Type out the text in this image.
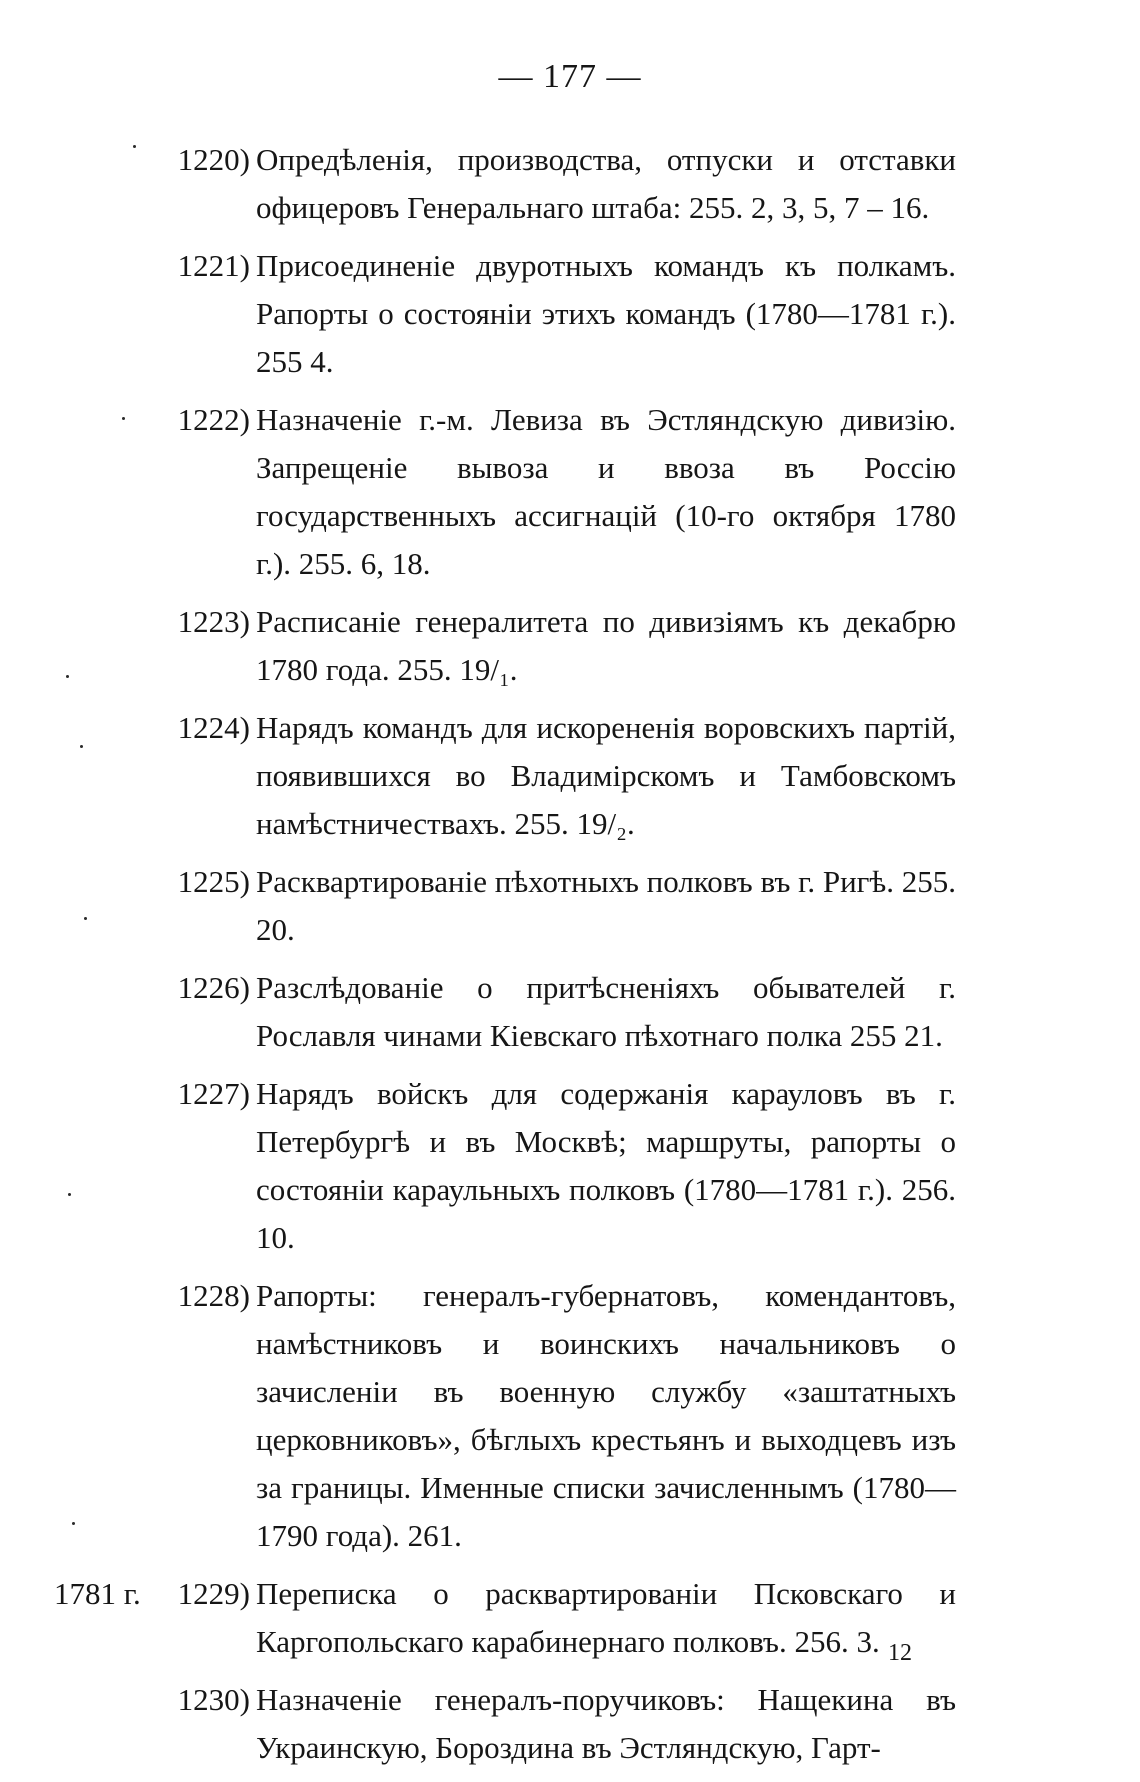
— 177 —
1220) Опредѣленія, производства, отпуски и отставки офицеровъ Генеральнаго штаба: 255. 2, 3, 5, 7 – 16.
1221) Присоединеніе двуротныхъ командъ къ полкамъ. Рапорты о состояніи этихъ командъ (1780—1781 г.). 255 4.
1222) Назначеніе г.-м. Левиза въ Эстляндскую дивизію. Запрещеніе вывоза и ввоза въ Россію государственныхъ ассигнацій (10-го октября 1780 г.). 255. 6, 18.
1223) Расписаніе генералитета по дивизіямъ къ декабрю 1780 года. 255. 19/₁.
1224) Нарядъ командъ для искорененія воровскихъ партій, появившихся во Владимірскомъ и Тамбовскомъ намѣстничествахъ. 255. 19/₂.
1225) Расквартированіе пѣхотныхъ полковъ въ г. Ригѣ. 255. 20.
1226) Разслѣдованіе о притѣсненіяхъ обывателей г. Рославля чинами Кіевскаго пѣхотнаго полка 255 21.
1227) Нарядъ войскъ для содержанія карауловъ въ г. Петербургѣ и въ Москвѣ; маршруты, рапорты о состояніи караульныхъ полковъ (1780—1781 г.). 256. 10.
1228) Рапорты: генералъ-губернатовъ, комендантовъ, намѣстниковъ и воинскихъ начальниковъ о зачисленіи въ военную службу «заштатныхъ церковниковъ», бѣглыхъ крестьянъ и выходцевъ изъ за границы. Именные списки зачисленнымъ (1780—1790 года). 261.
1781 г.	1229) Переписка о расквартированіи Псковскаго и Каргопольскаго карабинернаго полковъ. 256. 3.
1230) Назначеніе генералъ-поручиковъ: Нащекина въ Украинскую, Бороздина въ Эстляндскую, Гарт-
12
